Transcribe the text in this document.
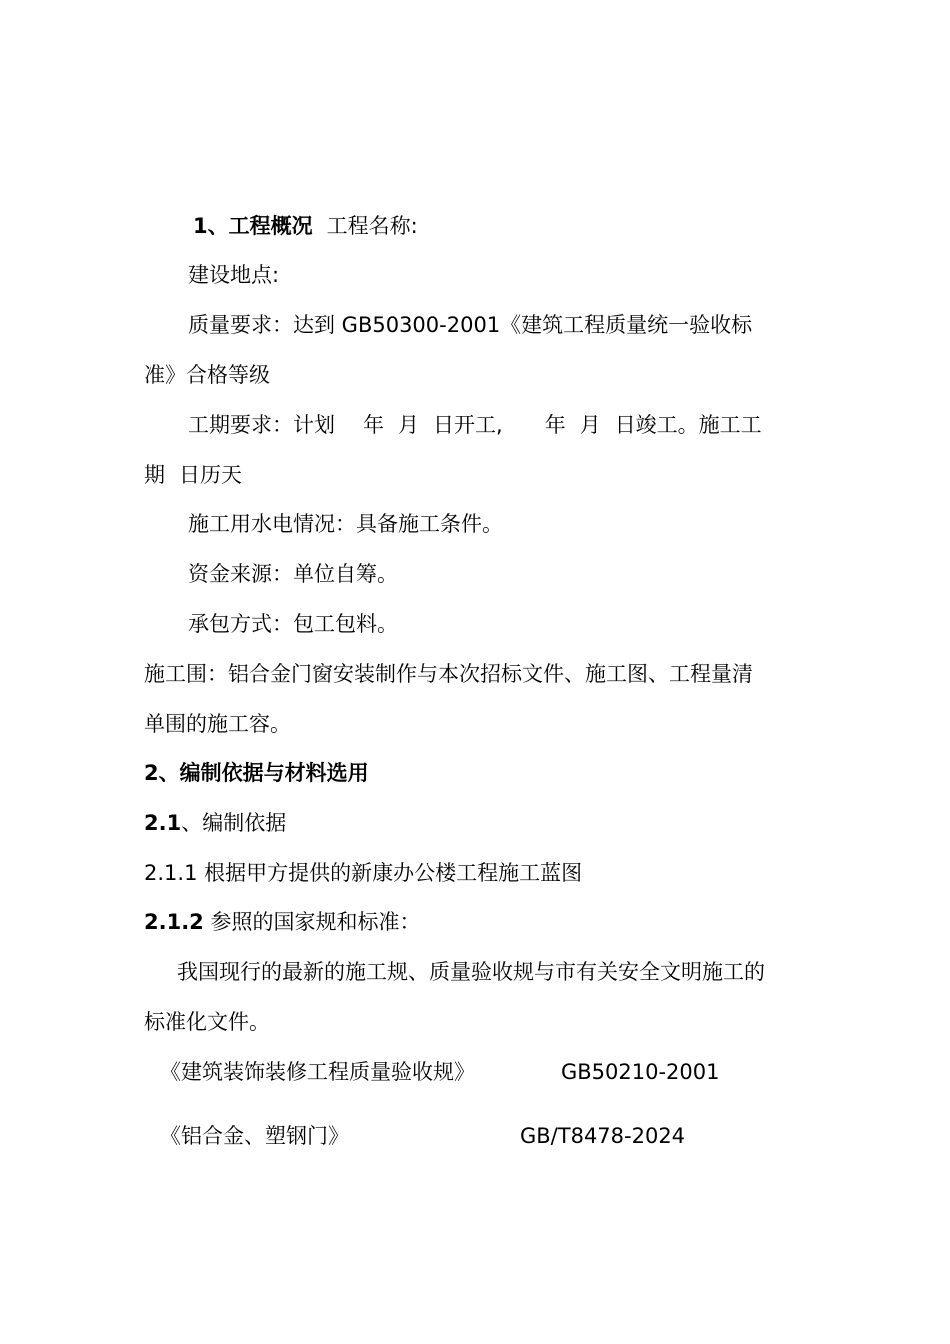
1、工程概况 工程名称:
建设地点:
质量要求：达到 GB50300-2001《建筑工程质量统一验收标
准》合格等级
工期要求：计划 年 月 日开工, 年 月 日竣工。施工工
期 日历天
施工用水电情况：具备施工条件。
资金来源：单位自筹。
承包方式：包工包料。
施工围：铝合金门窗安装制作与本次招标文件、施工图、工程量清
单围的施工容。
2、编制依据与材料选用
2.1、编制依据
2.1.1 根据甲方提供的新康办公楼工程施工蓝图
2.1.2 参照的国家规和标准：
我国现行的最新的施工规、质量验收规与市有关安全文明施工的
标准化文件。
《建筑装饰装修工程质量验收规》	GB50210-2001
《铝合金、塑钢门》	GB/T8478-2024
